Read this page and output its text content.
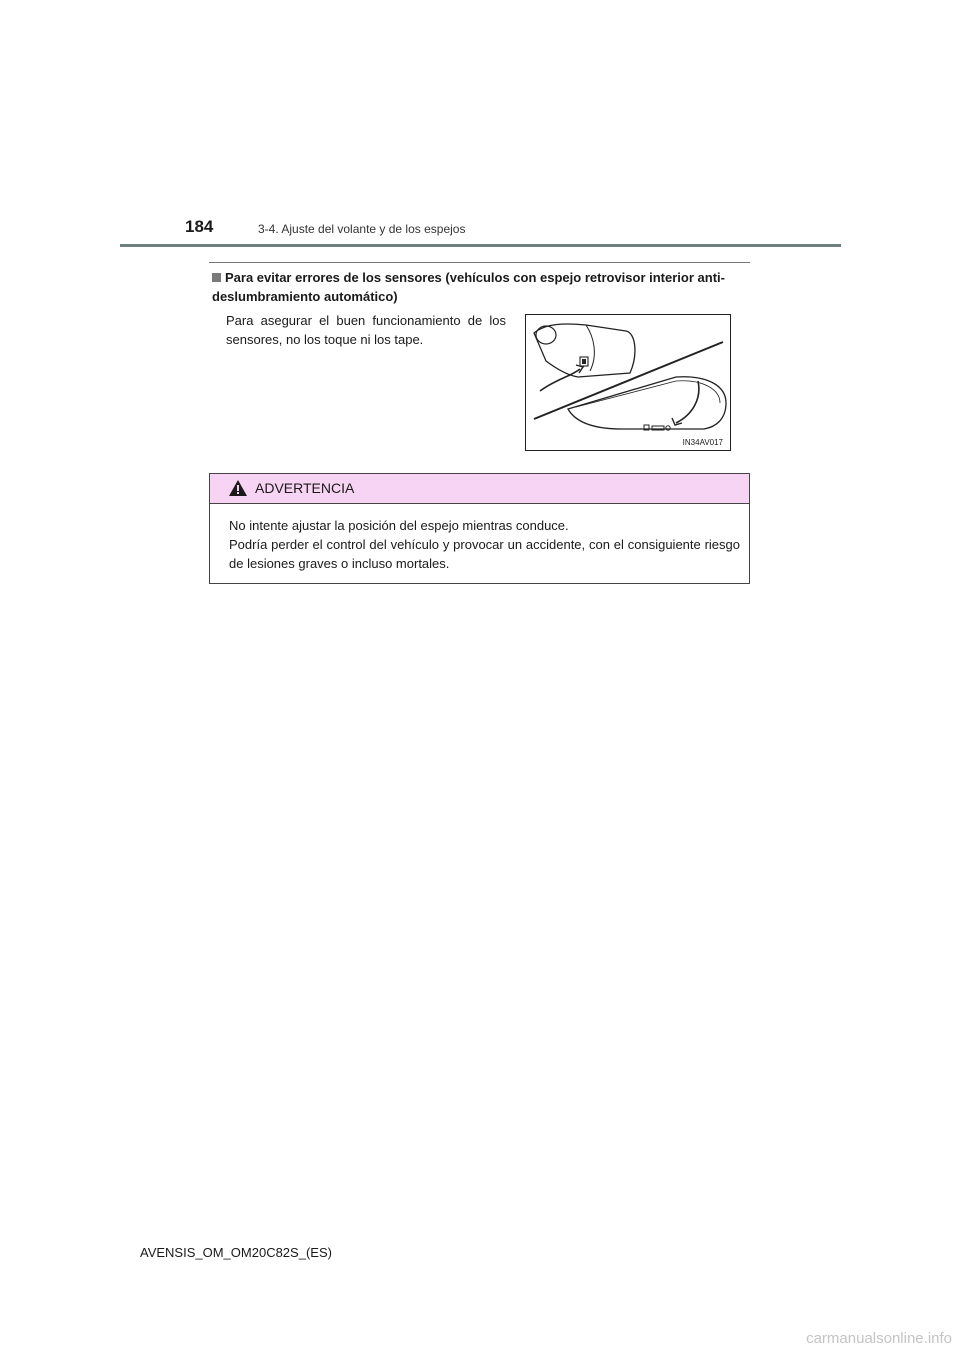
184	3-4. Ajuste del volante y de los espejos
Para evitar errores de los sensores (vehículos con espejo retrovisor interior anti-deslumbramiento automático)
Para asegurar el buen funcionamiento de los sensores, no los toque ni los tape.
IN34AV017
ADVERTENCIA

No intente ajustar la posición del espejo mientras conduce.

Podría perder el control del vehículo y provocar un accidente, con el consiguiente riesgo de lesiones graves o incluso mortales.

AVENSIS_OM_OM20C82S_(ES)
carmanualsonline.info
